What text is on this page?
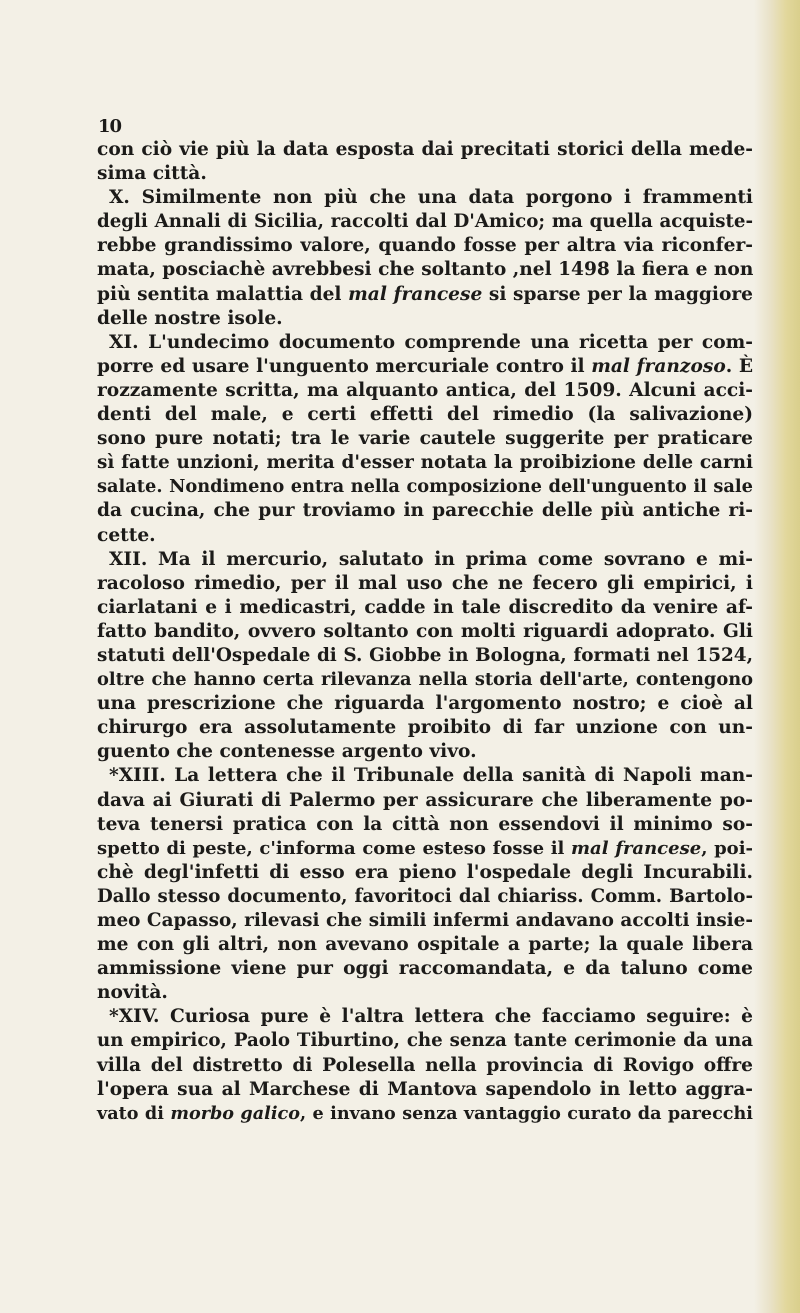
10
con ciò vie più la data esposta dai precitati storici della mede-
sima città.
X. Similmente non più che una data porgono i frammenti
degli Annali di Sicilia, raccolti dal D'Amico; ma quella acquiste-
rebbe grandissimo valore, quando fosse per altra via riconfer-
mata, posciachè avrebbesi che soltanto ,nel 1498 la fiera e non
più sentita malattia del mal francese si sparse per la maggiore
delle nostre isole.
XI. L'undecimo documento comprende una ricetta per com-
porre ed usare l'unguento mercuriale contro il mal franzoso. È
rozzamente scritta, ma alquanto antica, del 1509. Alcuni acci-
denti del male, e certi effetti del rimedio (la salivazione)
sono pure notati; tra le varie cautele suggerite per praticare
sì fatte unzioni, merita d'esser notata la proibizione delle carni
salate. Nondimeno entra nella composizione dell'unguento il sale
da cucina, che pur troviamo in parecchie delle più antiche ri-
cette.
XII. Ma il mercurio, salutato in prima come sovrano e mi-
racoloso rimedio, per il mal uso che ne fecero gli empirici, i
ciarlatani e i medicastri, cadde in tale discredito da venire af-
fatto bandito, ovvero soltanto con molti riguardi adoprato. Gli
statuti dell'Ospedale di S. Giobbe in Bologna, formati nel 1524,
oltre che hanno certa rilevanza nella storia dell'arte, contengono
una prescrizione che riguarda l'argomento nostro; e cioè al
chirurgo era assolutamente proibito di far unzione con un-
guento che contenesse argento vivo.
*XIII. La lettera che il Tribunale della sanità di Napoli man-
dava ai Giurati di Palermo per assicurare che liberamente po-
teva tenersi pratica con la città non essendovi il minimo so-
spetto di peste, c'informa come esteso fosse il mal francese, poi-
chè degl'infetti di esso era pieno l'ospedale degli Incurabili.
Dallo stesso documento, favoritoci dal chiariss. Comm. Bartolo-
meo Capasso, rilevasi che simili infermi andavano accolti insie-
me con gli altri, non avevano ospitale a parte; la quale libera
ammissione viene pur oggi raccomandata, e da taluno come
novità.
*XIV. Curiosa pure è l'altra lettera che facciamo seguire: è
un empirico, Paolo Tiburtino, che senza tante cerimonie da una
villa del distretto di Polesella nella provincia di Rovigo offre
l'opera sua al Marchese di Mantova sapendolo in letto aggra-
vato di morbo galico, e invano senza vantaggio curato da parecchi
